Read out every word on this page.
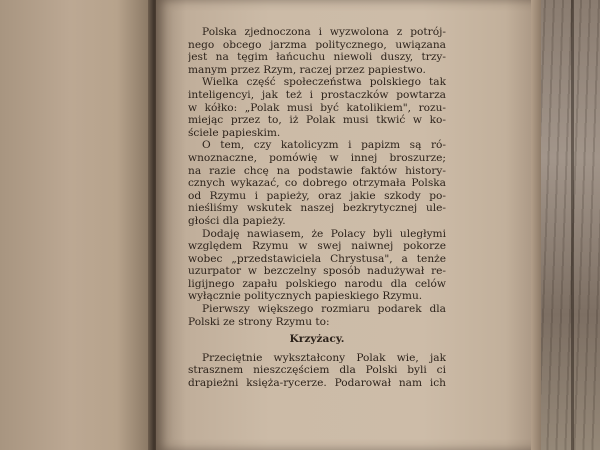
Polska zjednoczona i wyzwolona z potrój-

nego obcego jarzma politycznego, uwiązana

jest na tęgim łańcuchu niewoli duszy, trzy-

manym przez Rzym, raczej przez papiestwo.

Wielka część społeczeństwa polskiego tak

inteligencyi, jak też i prostaczków powtarza

w kółko: „Polak musi być katolikiem", rozu-

miejąc przez to, iż Polak musi tkwić w ko-

ściele papieskim.

O tem, czy katolicyzm i papizm są ró-

wnoznaczne, pomówię w innej broszurze;

na razie chcę na podstawie faktów history-

cznych wykazać, co dobrego otrzymała Polska

od Rzymu i papieży, oraz jakie szkody po-

nieśliśmy wskutek naszej bezkrytycznej ule-

głości dla papieży.

Dodaję nawiasem, że Polacy byli uległymi

względem Rzymu w swej naiwnej pokorze

wobec „przedstawiciela Chrystusa", a tenże

uzurpator w bezczelny sposób nadużywał re-

ligijnego zapału polskiego narodu dla celów

wyłącznie politycznych papieskiego Rzymu.

Pierwszy większego rozmiaru podarek dla

Polski ze strony Rzymu to:

Krzyżacy.

Przeciętnie wykształcony Polak wie, jak

strasznem nieszczęściem dla Polski byli ci

drapieżni księża-rycerze. Podarował nam ich
